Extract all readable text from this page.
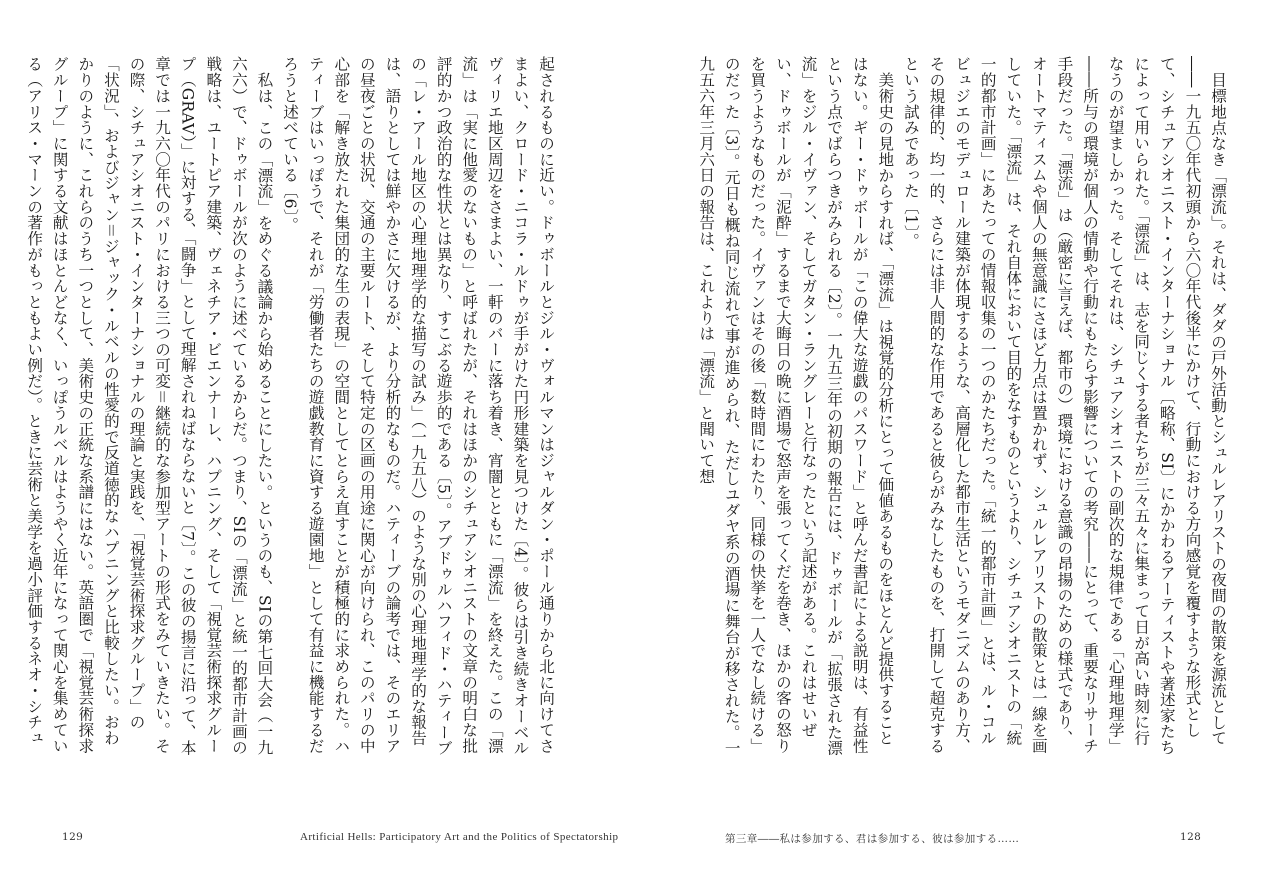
起されるものに近い。ドゥボールとジル・ヴォルマンはジャルダン・ポール通りから北に向けてさまよい、クロード・ニコラ・ルドゥが手がけた円形建築を見つけた〔4〕。彼らは引き続きオーベルヴィリエ地区周辺をさまよい、一軒のバーに落ち着き、宵闇とともに「漂流」を終えた。この「漂流」は「実に他愛のないもの」と呼ばれたが、それはほかのシチュアシオニストの文章の明白な批評的かつ政治的な性状とは異なり、すこぶる遊歩的である〔5〕。アブドゥルハフィド・ハティーブの「レ・アール地区の心理地理学的な描写の試み」（一九五八）のような別の心理地理学的な報告は、語りとしては鮮やかさに欠けるが、より分析的なものだ。ハティーブの論考では、そのエリアの昼夜ごとの状況、交通の主要ルート、そして特定の区画の用途に関心が向けられ、このパリの中心部を「解き放たれた集団的な生の表現」の空間としてとらえ直すことが積極的に求められた。ハティーブはいっぽうで、それが「労働者たちの遊戯教育に資する遊園地」として有益に機能するだろうと述べている〔6〕。

私は、この「漂流」をめぐる議論から始めることにしたい。というのも、SIの第七回大会（一九六六）で、ドゥボールが次のように述べているからだ。つまり、SIの「漂流」と統一的都市計画の戦略は、ユートピア建築、ヴェネチア・ビエンナーレ、ハプニング、そして「視覚芸術探求グループ（GRAV）」に対する、「闘争」として理解されねばならないと〔7〕。この彼の揚言に沿って、本章では一九六〇年代のパリにおける三つの可変＝継続的な参加型アートの形式をみていきたい。その際、シチュアシオニスト・インターナショナルの理論と実践を、「視覚芸術探求グループ」の「状況」、およびジャン＝ジャック・ルベルの性愛的で反道徳的なハプニングと比較したい。おわかりのように、これらのうち一つとして、美術史の正統な系譜にはない。英語圏で「視覚芸術探求グループ」に関する文献はほとんどなく、いっぽうルベルはようやく近年になって関心を集めている（アリス・マーンの著作がもっともよい例だ）。ときに芸術と美学を過小評価するネオ・シチュ

129	Artificial Hells: Participatory Art and the Politics of Spectatorship

目標地点なき「漂流」。それは、ダダの戸外活動とシュルレアリストの夜間の散策を源流として――一九五〇年代初頭から六〇年代後半にかけて、行動における方向感覚を覆すような形式として、シチュアシオニスト・インターナショナル〔略称、SI〕にかかわるアーティストや著述家たちによって用いられた。「漂流」は、志を同じくする者たちが三々五々に集まって日が高い時刻に行なうのが望ましかった。そしてそれは、シチュアシオニストの副次的な規律である「心理地理学」――所与の環境が個人の情動や行動にもたらす影響についての考究――にとって、重要なリサーチ手段だった。「漂流」は（厳密に言えば、都市の）環境における意識の昂揚のための様式であり、オートマティスムや個人の無意識にさほど力点は置かれず、シュルレアリストの散策とは一線を画していた。「漂流」は、それ自体において目的をなすものというより、シチュアシオニストの「統一的都市計画」にあたっての情報収集の一つのかたちだった。「統一的都市計画」とは、ル・コルビュジエのモデュロール建築が体現するような、高層化した都市生活というモダニズムのあり方、その規律的、均一的、さらには非人間的な作用であると彼らがみなしたものを、打開して超克するという試みであった〔1〕。

美術史の見地からすれば、「漂流」は視覚的分析にとって価値あるものをほとんど提供することはない。ギー・ドゥボールが「この偉大な遊戯のパスワード」と呼んだ書記による説明は、有益性という点でばらつきがみられる〔2〕。一九五三年の初期の報告には、ドゥボールが「拡張された漂流」をジル・イヴァン、そしてガタン・ラングレーと行なったという記述がある。これはせいぜい、ドゥボールが「泥酔」するまで大晦日の晩に酒場で怒声を張ってくだを巻き、ほかの客の怒りを買うようなものだった。イヴァンはその後「数時間にわたり、同様の快挙を一人でなし続ける」のだった〔3〕。元日も概ね同じ流れで事が進められ、ただしユダヤ系の酒場に舞台が移された。一九五六年三月六日の報告は、これよりは「漂流」と聞いて想

第三章――私は参加する、君は参加する、彼は参加する……	128
